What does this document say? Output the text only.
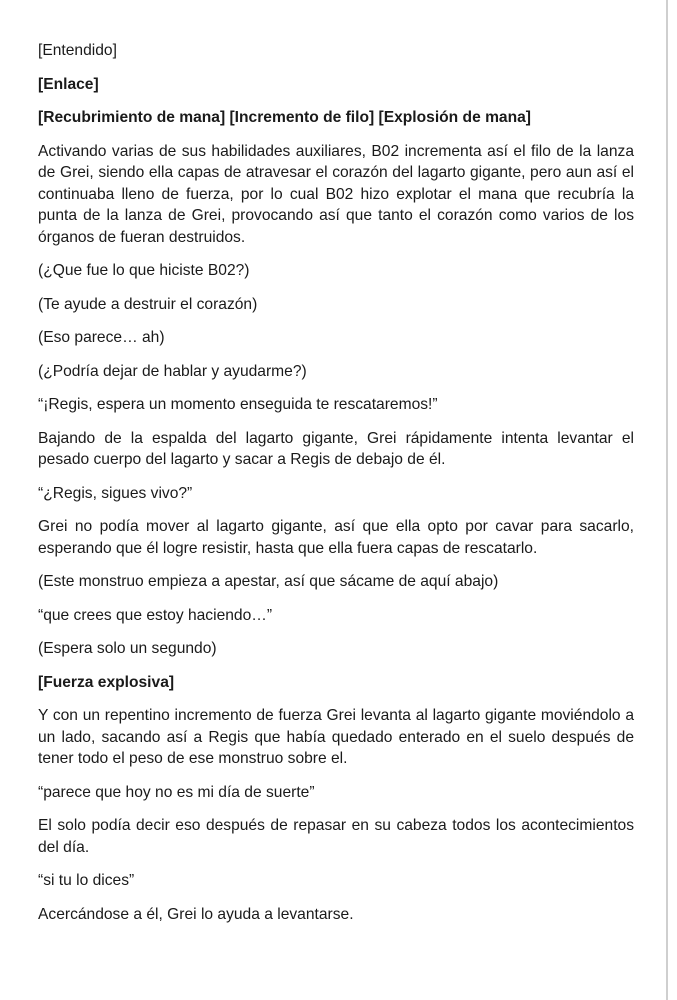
[Entendido]

[Enlace]

[Recubrimiento de mana] [Incremento de filo] [Explosión de mana]

Activando varias de sus habilidades auxiliares, B02 incrementa así el filo de la lanza de Grei, siendo ella capas de atravesar el corazón del lagarto gigante, pero aun así el continuaba lleno de fuerza, por lo cual B02 hizo explotar el mana que recubría la punta de la lanza de Grei, provocando así que tanto el corazón como varios de los órganos de fueran destruidos.

(¿Que fue lo que hiciste B02?)

(Te ayude a destruir el corazón)

(Eso parece… ah)

(¿Podría dejar de hablar y ayudarme?)

“¡Regis, espera un momento enseguida te rescataremos!”

Bajando de la espalda del lagarto gigante, Grei rápidamente intenta levantar el pesado cuerpo del lagarto y sacar a Regis de debajo de él.

“¿Regis, sigues vivo?”

Grei no podía mover al lagarto gigante, así que ella opto por cavar para sacarlo, esperando que él logre resistir, hasta que ella fuera capas de rescatarlo.

(Este monstruo empieza a apestar, así que sácame de aquí abajo)

“que crees que estoy haciendo…”

(Espera solo un segundo)

[Fuerza explosiva]

Y con un repentino incremento de fuerza Grei levanta al lagarto gigante moviéndolo a un lado, sacando así a Regis que había quedado enterado en el suelo después de tener todo el peso de ese monstruo sobre el.

“parece que hoy no es mi día de suerte”

El solo podía decir eso después de repasar en su cabeza todos los acontecimientos del día.

“si tu lo dices”

Acercándose a él, Grei lo ayuda a levantarse.
